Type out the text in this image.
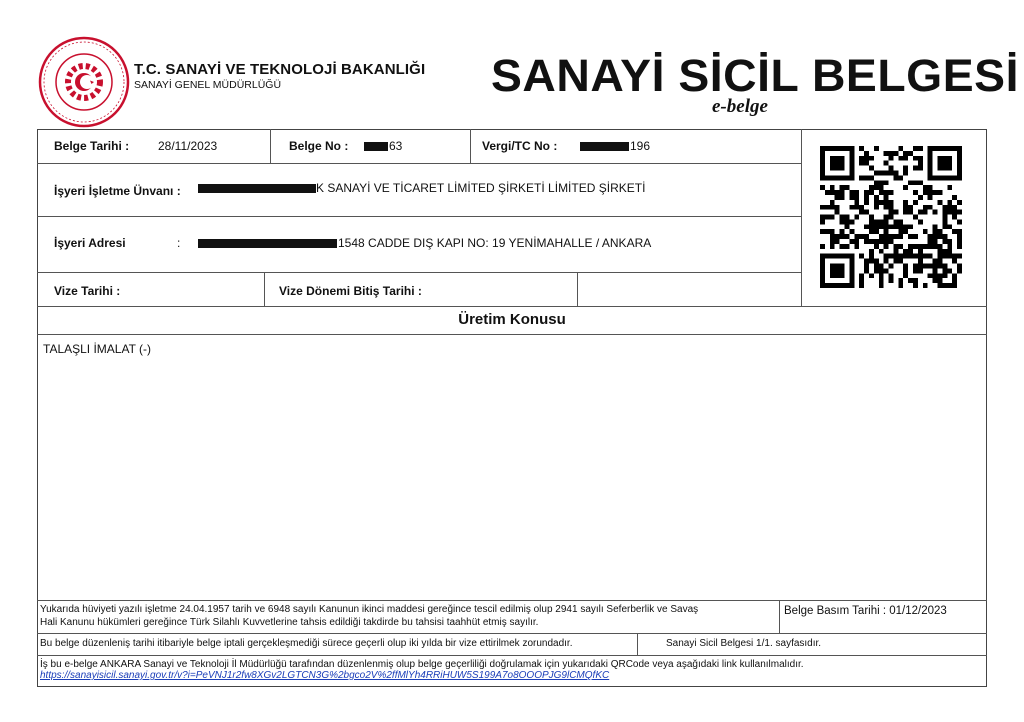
T.C. SANAYİ VE TEKNOLOJİ BAKANLIĞI
SANAYİ GENEL MÜDÜRLÜĞÜ	SANAYİ SİCİL BELGESİ
e-belge
Belge Tarihi : 28/11/2023	Belge No :	63	Vergi/TC No :	196
İşyeri İşletme Ünvanı :	K SANAYİ VE TİCARET LİMİTED ŞİRKETİ LİMİTED ŞİRKETİ
İşyeri Adresi	:	1548 CADDE DIŞ KAPI NO: 19 YENİMAHALLE / ANKARA
Vize Tarihi :	Vize Dönemi Bitiş Tarihi :
Üretim Konusu
TALAŞLI İMALAT (-)
Yukarıda hüviyeti yazılı işletme 24.04.1957 tarih ve 6948 sayılı Kanunun ikinci maddesi gereğince tescil edilmiş olup 2941 sayılı Seferberlik ve Savaş
Hali Kanunu hükümleri gereğince Türk Silahlı Kuvvetlerine tahsis edildiği takdirde bu tahsisi taahhüt etmiş sayılır.
Belge Basım Tarihi : 01/12/2023
Bu belge düzenleniş tarihi itibariyle belge iptali gerçekleşmediği sürece geçerli olup iki yılda bir vize ettirilmek zorundadır.	Sanayi Sicil Belgesi 1/1. sayfasıdır.
İş bu e-belge ANKARA Sanayi ve Teknoloji İl Müdürlüğü tarafından düzenlenmiş olup belge geçerliliği doğrulamak için yukarıdaki QRCode veya aşağıdaki link kullanılmalıdır.
https://sanayisicil.sanayi.gov.tr/v?i=PeVNJ1r2fw8XGv2LGTCN3G%2bgco2V%2ffMlYh4RRiHUW5S199A7o8OOOPJG9lCMQfKC
